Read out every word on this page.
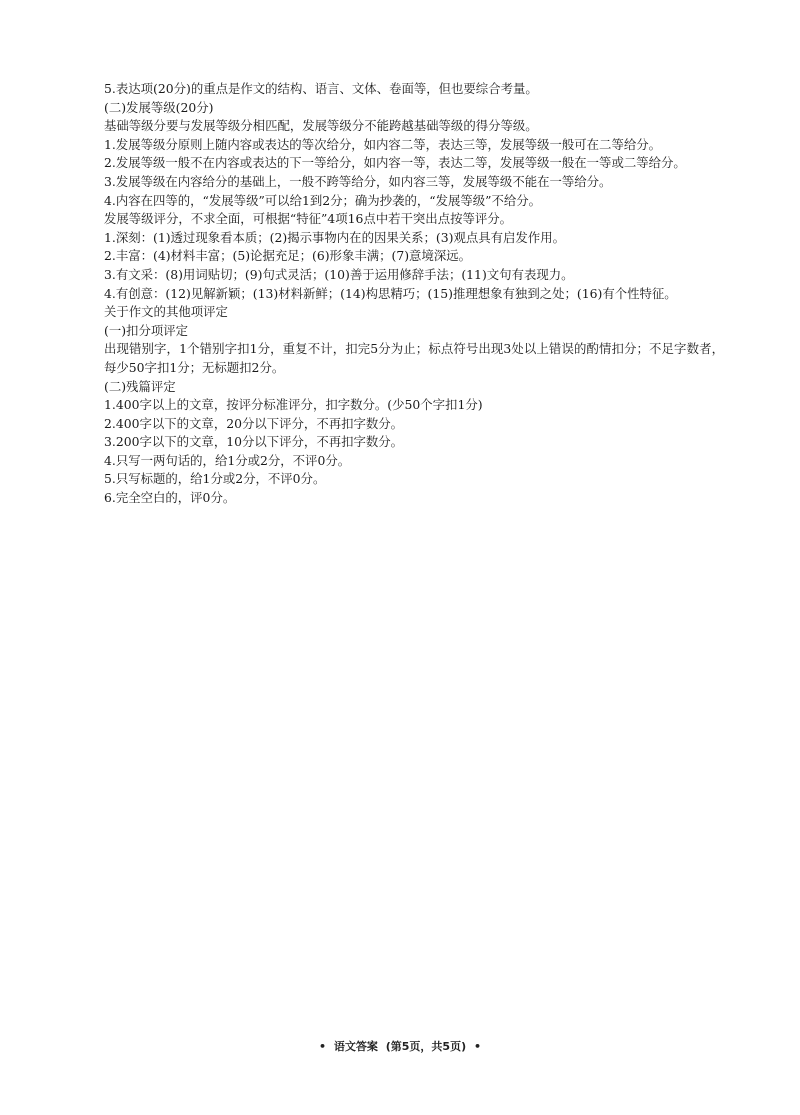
5.表达项(20分)的重点是作文的结构、语言、文体、卷面等，但也要综合考量。
(二)发展等级(20分)
基础等级分要与发展等级分相匹配，发展等级分不能跨越基础等级的得分等级。
1.发展等级分原则上随内容或表达的等次给分，如内容二等，表达三等，发展等级一般可在二等给分。
2.发展等级一般不在内容或表达的下一等给分，如内容一等，表达二等，发展等级一般在一等或二等给分。
3.发展等级在内容给分的基础上，一般不跨等给分，如内容三等，发展等级不能在一等给分。
4.内容在四等的，“发展等级”可以给1到2分；确为抄袭的，“发展等级”不给分。
发展等级评分，不求全面，可根据“特征”4项16点中若干突出点按等评分。
1.深刻：(1)透过现象看本质；(2)揭示事物内在的因果关系；(3)观点具有启发作用。
2.丰富：(4)材料丰富；(5)论据充足；(6)形象丰满；(7)意境深远。
3.有文采：(8)用词贴切；(9)句式灵活；(10)善于运用修辞手法；(11)文句有表现力。
4.有创意：(12)见解新颖；(13)材料新鲜；(14)构思精巧；(15)推理想象有独到之处；(16)有个性特征。
关于作文的其他项评定
(一)扣分项评定
出现错别字，1个错别字扣1分，重复不计，扣完5分为止；标点符号出现3处以上错误的酌情扣分；不足字数者，每少50字扣1分；无标题扣2分。
(二)残篇评定
1.400字以上的文章，按评分标准评分，扣字数分。(少50个字扣1分)
2.400字以下的文章，20分以下评分，不再扣字数分。
3.200字以下的文章，10分以下评分，不再扣字数分。
4.只写一两句话的，给1分或2分，不评0分。
5.只写标题的，给1分或2分，不评0分。
6.完全空白的，评0分。
• 语文答案 (第5页，共5页) •
